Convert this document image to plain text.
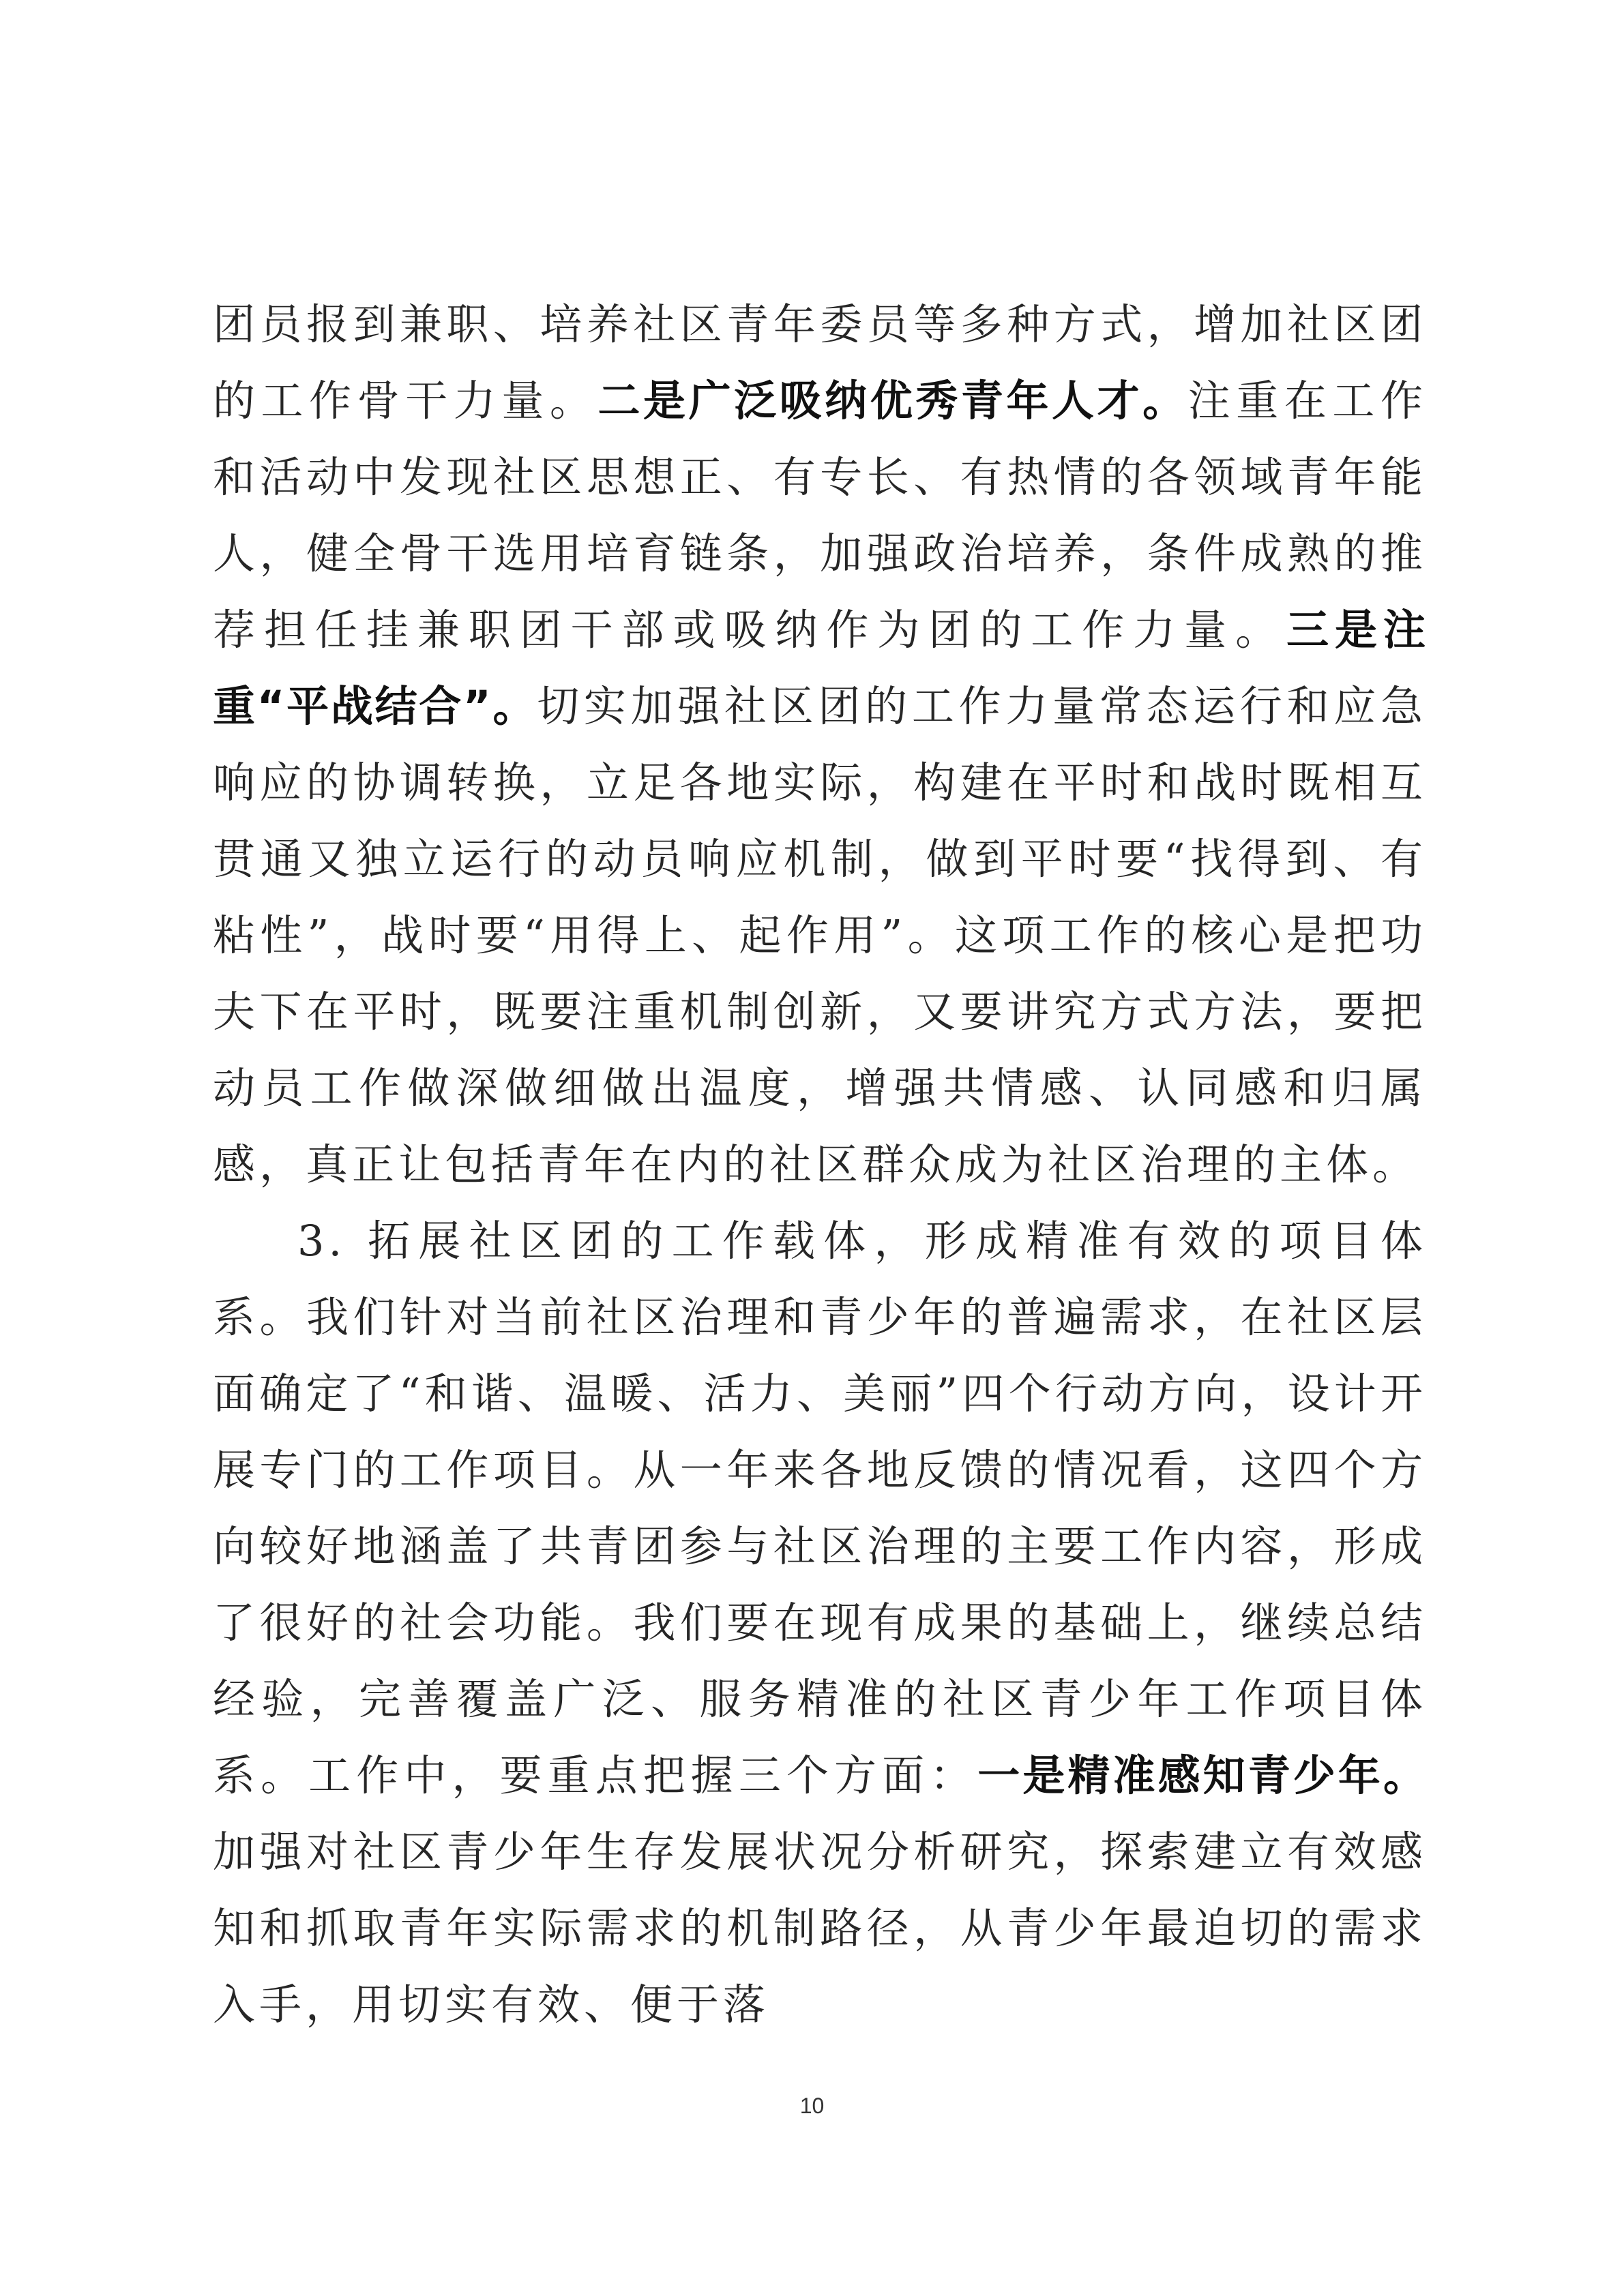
团员报到兼职、培养社区青年委员等多种方式，增加社区团的工作骨干力量。二是广泛吸纳优秀青年人才。注重在工作和活动中发现社区思想正、有专长、有热情的各领域青年能人，健全骨干选用培育链条，加强政治培养，条件成熟的推荐担任挂兼职团干部或吸纳作为团的工作力量。三是注重“平战结合”。切实加强社区团的工作力量常态运行和应急响应的协调转换，立足各地实际，构建在平时和战时既相互贯通又独立运行的动员响应机制，做到平时要“找得到、有粘性”，战时要“用得上、起作用”。这项工作的核心是把功夫下在平时，既要注重机制创新，又要讲究方式方法，要把动员工作做深做细做出温度，增强共情感、认同感和归属感，真正让包括青年在内的社区群众成为社区治理的主体。

3. 拓展社区团的工作载体，形成精准有效的项目体系。我们针对当前社区治理和青少年的普遍需求，在社区层面确定了“和谐、温暖、活力、美丽”四个行动方向，设计开展专门的工作项目。从一年来各地反馈的情况看，这四个方向较好地涵盖了共青团参与社区治理的主要工作内容，形成了很好的社会功能。我们要在现有成果的基础上，继续总结经验，完善覆盖广泛、服务精准的社区青少年工作项目体系。工作中，要重点把握三个方面：一是精准感知青少年。加强对社区青少年生存发展状况分析研究，探索建立有效感知和抓取青年实际需求的机制路径，从青少年最迫切的需求入手，用切实有效、便于落

10
